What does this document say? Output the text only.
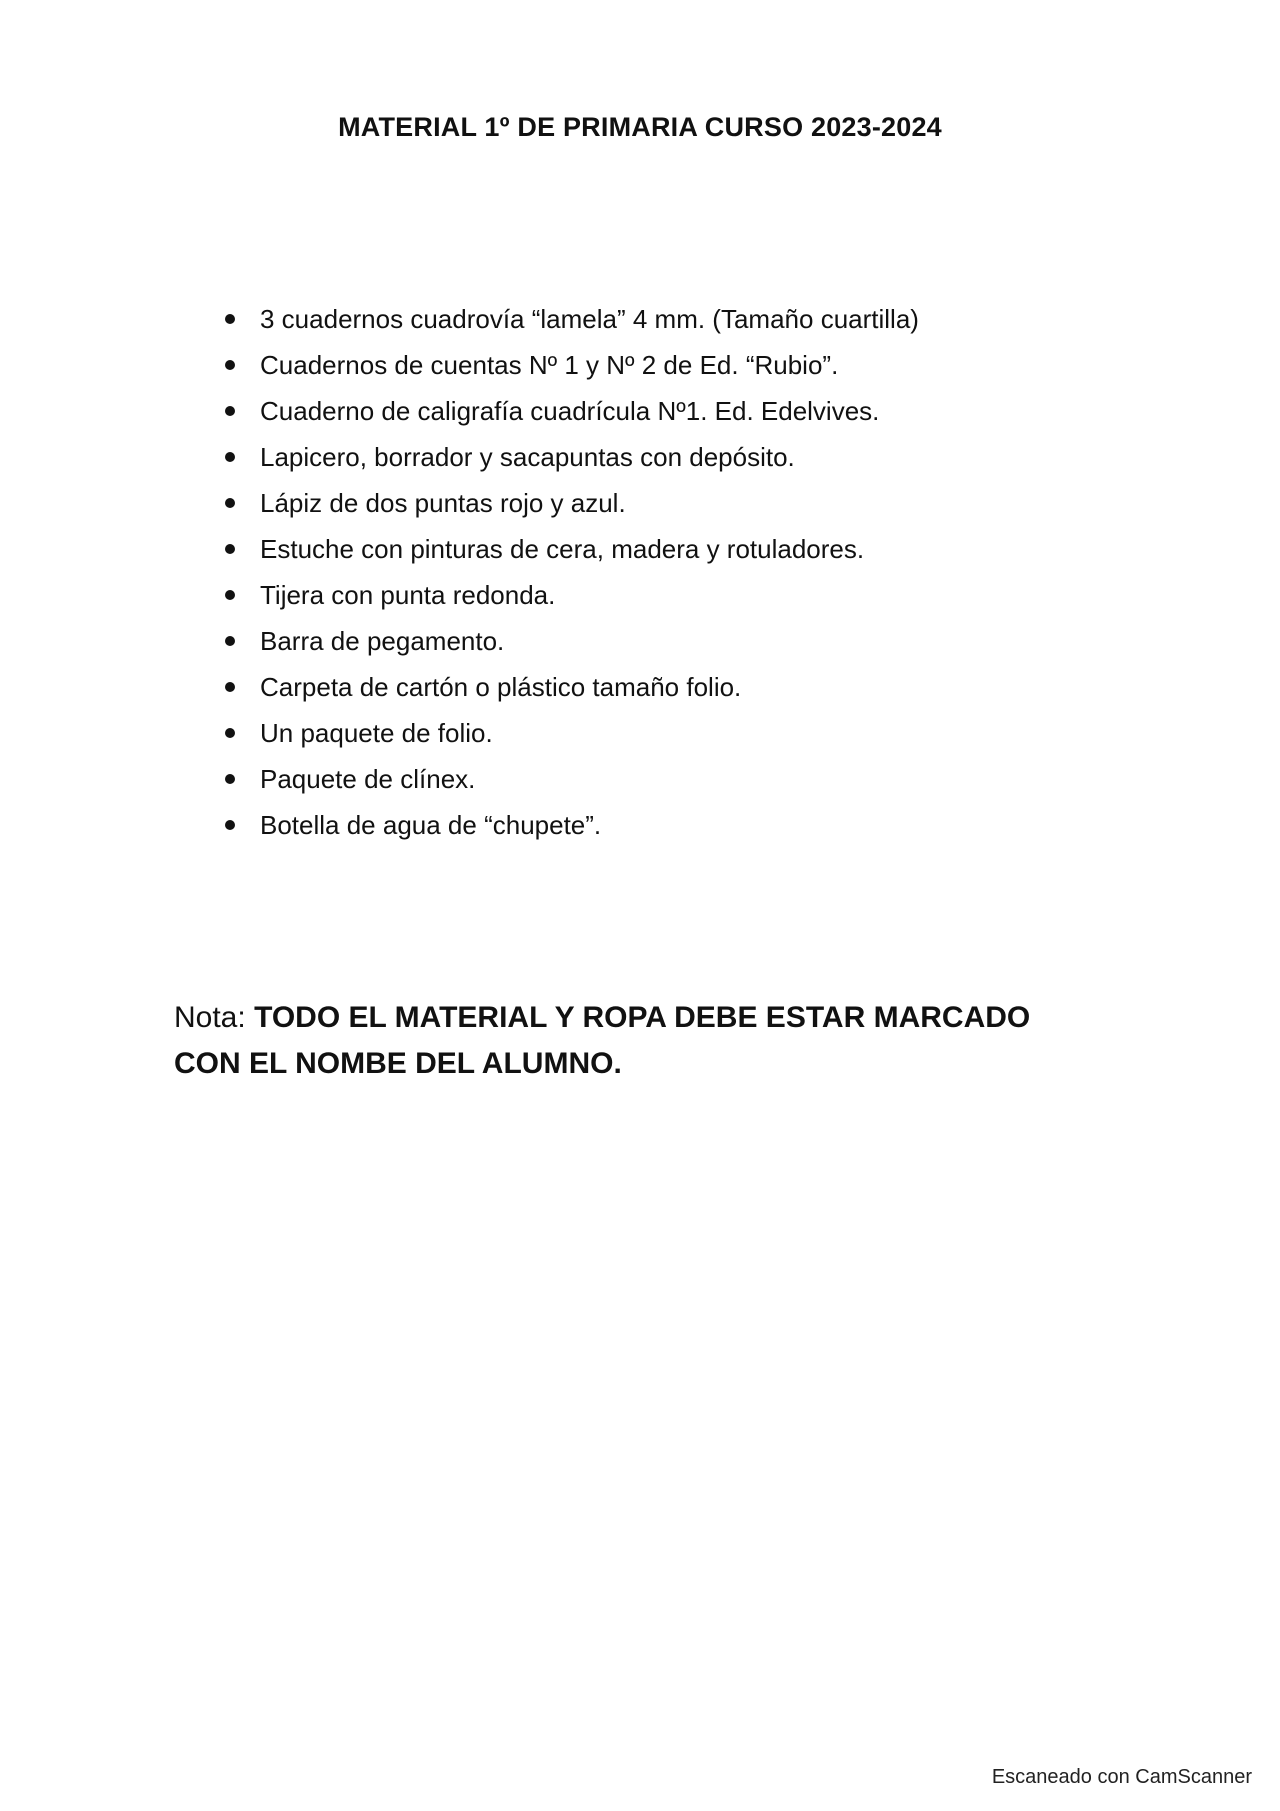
MATERIAL 1º DE PRIMARIA CURSO 2023-2024
3 cuadernos cuadrovía “lamela” 4 mm. (Tamaño cuartilla)
Cuadernos de cuentas Nº 1 y Nº 2 de Ed. “Rubio”.
Cuaderno de caligrafía cuadrícula Nº1. Ed. Edelvives.
Lapicero, borrador y sacapuntas con depósito.
Lápiz de dos puntas rojo y azul.
Estuche con pinturas de cera, madera y rotuladores.
Tijera con punta redonda.
Barra de pegamento.
Carpeta de cartón o plástico tamaño folio.
Un paquete de folio.
Paquete de clínex.
Botella de agua de “chupete”.
Nota: TODO EL MATERIAL Y ROPA DEBE ESTAR MARCADO CON EL NOMBE DEL ALUMNO.
Escaneado con CamScanner
